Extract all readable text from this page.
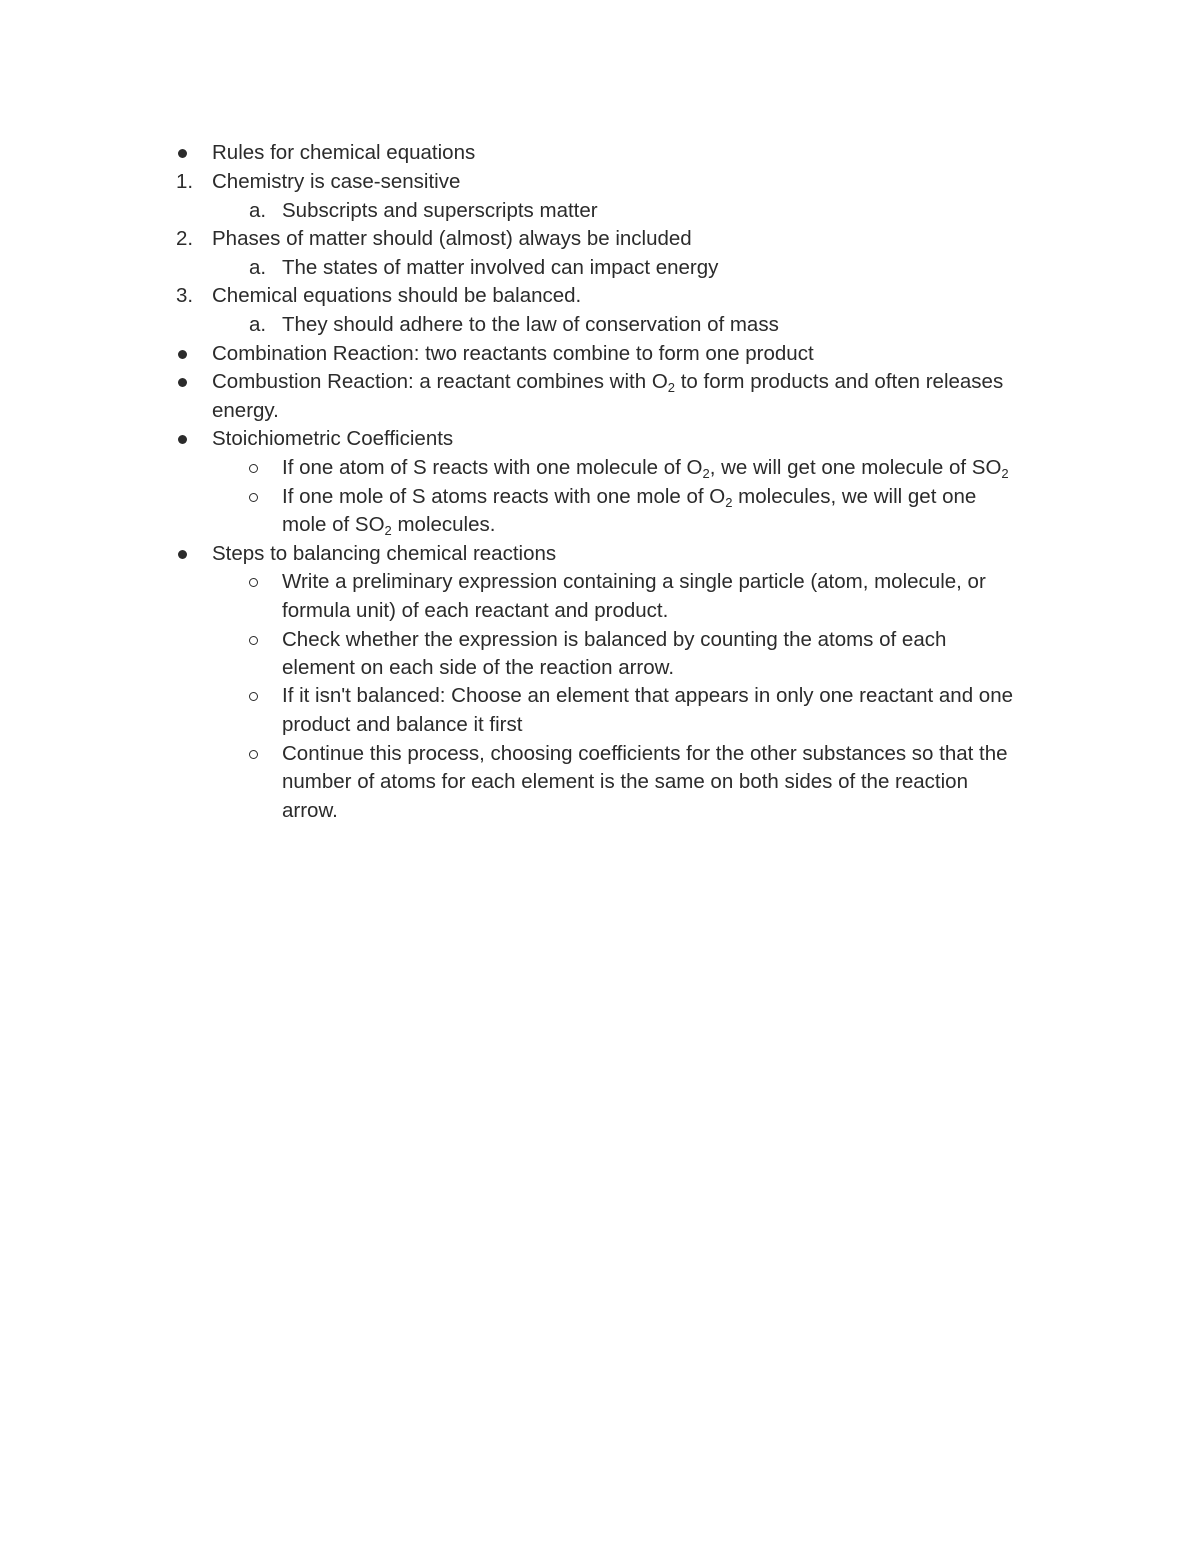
Rules for chemical equations
1. Chemistry is case-sensitive
a. Subscripts and superscripts matter
2. Phases of matter should (almost) always be included
a. The states of matter involved can impact energy
3. Chemical equations should be balanced.
a. They should adhere to the law of conservation of mass
Combination Reaction: two reactants combine to form one product
Combustion Reaction: a reactant combines with $O_2$ to form products and often releases
energy.
Stoichiometric Coefficients
If one atom of S reacts with one molecule of $O_2$, we will get one molecule of $SO_2$
If one mole of S atoms reacts with one mole of $O_2$ molecules, we will get one
mole of $SO_2$ molecules.
Steps to balancing chemical reactions
Write a preliminary expression containing a single particle (atom, molecule, or
formula unit) of each reactant and product.
Check whether the expression is balanced by counting the atoms of each
element on each side of the reaction arrow.
If it isn't balanced: Choose an element that appears in only one reactant and one
product and balance it first
Continue this process, choosing coefficients for the other substances so that the
number of atoms for each element is the same on both sides of the reaction
arrow.
